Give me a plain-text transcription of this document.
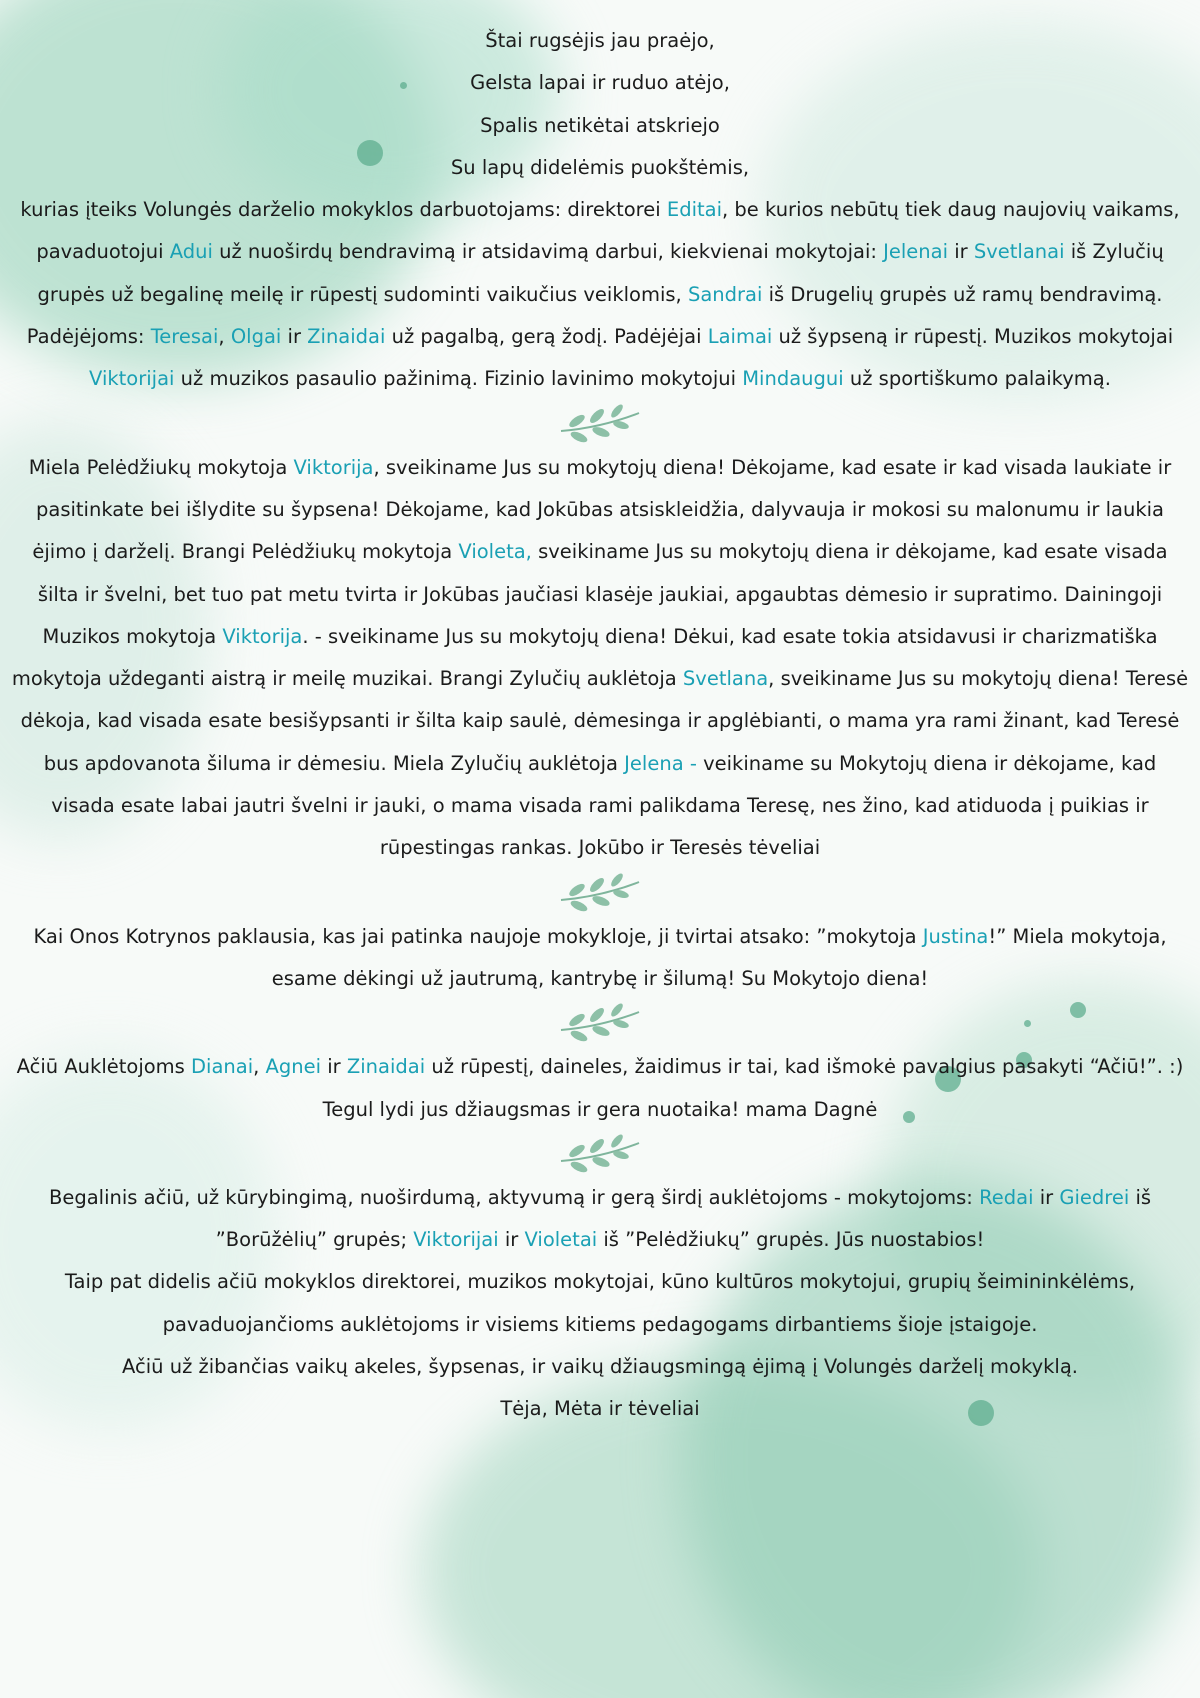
Štai rugsėjis jau praėjo,
Gelsta lapai ir ruduo atėjo,
Spalis netikėtai atskriejo
Su lapų didelėmis puokštėmis,

kurias įteiks Volungės darželio mokyklos darbuotojams: direktorei Editai, be kurios nebūtų tiek daug naujovių vaikams, pavaduotojui Adui už nuoširdų bendravimą ir atsidavimą darbui, kiekvienai mokytojai: Jelenai ir Svetlanai iš Zylučių grupės už begalinę meilę ir rūpestį sudominti vaikučius veiklomis, Sandrai iš Drugelių grupės už ramų bendravimą. Padėjėjoms: Teresai, Olgai ir Zinaidai už pagalbą, gerą žodį. Padėjėjai Laimai už šypseną ir rūpestį. Muzikos mokytojai Viktorijai už muzikos pasaulio pažinimą. Fizinio lavinimo mokytojui Mindaugui už sportiškumo palaikymą.

Miela Pelėdžiukų mokytoja Viktorija, sveikiname Jus su mokytojų diena! Dėkojame, kad esate ir kad visada laukiate ir pasitinkate bei išlydite su šypsena! Dėkojame, kad Jokūbas atsiskleidžia, dalyvauja ir mokosi su malonumu ir laukia ėjimo į darželį. Brangi Pelėdžiukų mokytoja Violeta, sveikiname Jus su mokytojų diena ir dėkojame, kad esate visada šilta ir švelni, bet tuo pat metu tvirta ir Jokūbas jaučiasi klasėje jaukiai, apgaubtas dėmesio ir supratimo. Dainingoji Muzikos mokytoja Viktorija. - sveikiname Jus su mokytojų diena! Dėkui, kad esate tokia atsidavusi ir charizmatiška mokytoja uždeganti aistrą ir meilę muzikai. Brangi Zylučių auklėtoja Svetlana, sveikiname Jus su mokytojų diena! Teresė dėkoja, kad visada esate besišypsanti ir šilta kaip saulė, dėmesinga ir apglėbianti, o mama yra rami žinant, kad Teresė bus apdovanota šiluma ir dėmesiu. Miela Zylučių auklėtoja Jelena - veikiname su Mokytojų diena ir dėkojame, kad visada esate labai jautri švelni ir jauki, o mama visada rami palikdama Teresę, nes žino, kad atiduoda į puikias ir rūpestingas rankas. Jokūbo ir Teresės tėveliai

Kai Onos Kotrynos paklausia, kas jai patinka naujoje mokykloje, ji tvirtai atsako: ”mokytoja Justina!” Miela mokytoja, esame dėkingi už jautrumą, kantrybę ir šilumą! Su Mokytojo diena!

Ačiū Auklėtojoms Dianai, Agnei ir Zinaidai už rūpestį, daineles, žaidimus ir tai, kad išmokė pavalgius pasakyti “Ačiū!”. :) Tegul lydi jus džiaugsmas ir gera nuotaika! mama Dagnė

Begalinis ačiū, už kūrybingimą, nuoširdumą, aktyvumą ir gerą širdį auklėtojoms - mokytojoms: Redai ir Giedrei iš ”Borūžėlių” grupės; Viktorijai ir Violetai iš ”Pelėdžiukų” grupės. Jūs nuostabios!
Taip pat didelis ačiū mokyklos direktorei, muzikos mokytojai, kūno kultūros mokytojui, grupių šeimininkėlėms, pavaduojančioms auklėtojoms ir visiems kitiems pedagogams dirbantiems šioje įstaigoje.
Ačiū už žibančias vaikų akeles, šypsenas, ir vaikų džiaugsmingą ėjimą į Volungės darželį mokyklą.
Tėja, Mėta ir tėveliai
